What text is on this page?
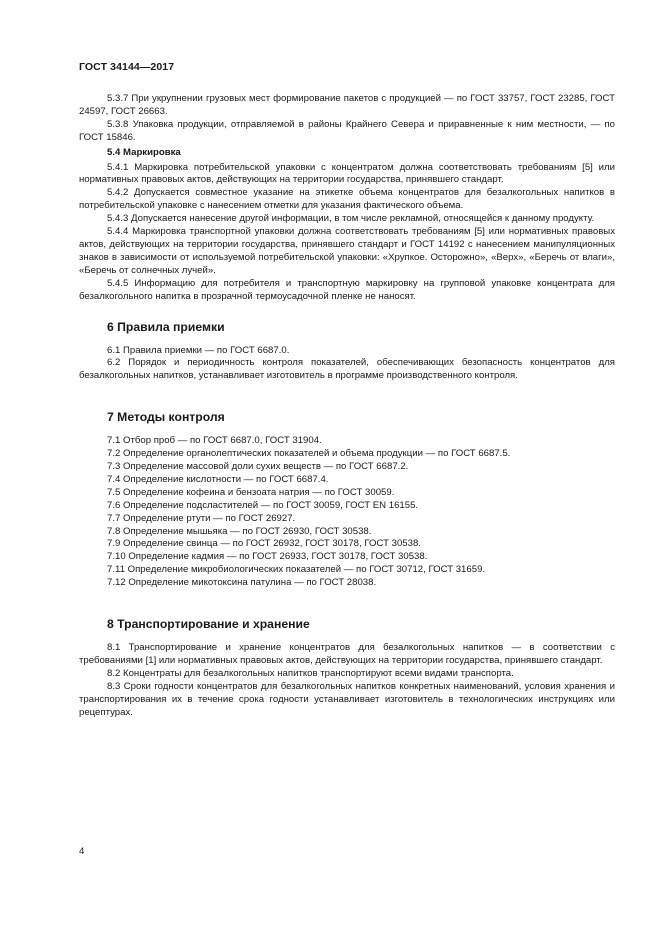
ГОСТ 34144—2017

5.3.7 При укрупнении грузовых мест формирование пакетов с продукцией — по ГОСТ 33757, ГОСТ 23285, ГОСТ 24597, ГОСТ 26663.

5.3.8 Упаковка продукции, отправляемой в районы Крайнего Севера и приравненные к ним местности, — по ГОСТ 15846.

5.4 Маркировка

5.4.1 Маркировка потребительской упаковки с концентратом должна соответствовать требованиям [5] или нормативных правовых актов, действующих на территории государства, принявшего стандарт.

5.4.2 Допускается совместное указание на этикетке объема концентратов для безалкогольных напитков в потребительской упаковке с нанесением отметки для указания фактического объема.

5.4.3 Допускается нанесение другой информации, в том числе рекламной, относящейся к данному продукту.

5.4.4 Маркировка транспортной упаковки должна соответствовать требованиям [5] или нормативных правовых актов, действующих на территории государства, принявшего стандарт и ГОСТ 14192 с нанесением манипуляционных знаков в зависимости от используемой потребительской упаковки: «Хрупкое. Осторожно», «Верх», «Беречь от влаги», «Беречь от солнечных лучей».

5.4.5 Информацию для потребителя и транспортную маркировку на групповой упаковке концентрата для безалкогольного напитка в прозрачной термоусадочной пленке не наносят.

6 Правила приемки

6.1 Правила приемки — по ГОСТ 6687.0.

6.2 Порядок и периодичность контроля показателей, обеспечивающих безопасность концентратов для безалкогольных напитков, устанавливает изготовитель в программе производственного контроля.

7 Методы контроля

7.1 Отбор проб — по ГОСТ 6687.0, ГОСТ 31904.

7.2 Определение органолептических показателей и объема продукции — по ГОСТ 6687.5.

7.3 Определение массовой доли сухих веществ — по ГОСТ 6687.2.

7.4 Определение кислотности — по ГОСТ 6687.4.

7.5 Определение кофеина и бензоата натрия — по ГОСТ 30059.

7.6 Определение подсластителей — по ГОСТ 30059, ГОСТ EN 16155.

7.7 Определение ртути — по ГОСТ 26927.

7.8 Определение мышьяка — по ГОСТ 26930, ГОСТ 30538.

7.9 Определение свинца — по ГОСТ 26932, ГОСТ 30178, ГОСТ 30538.

7.10 Определение кадмия — по ГОСТ 26933, ГОСТ 30178, ГОСТ 30538.

7.11 Определение микробиологических показателей — по ГОСТ 30712, ГОСТ 31659.

7.12 Определение микотоксина патулина — по ГОСТ 28038.

8 Транспортирование и хранение

8.1 Транспортирование и хранение концентратов для безалкогольных напитков — в соответствии с требованиями [1] или нормативных правовых актов, действующих на территории государства, принявшего стандарт.

8.2 Концентраты для безалкогольных напитков транспортируют всеми видами транспорта.

8.3 Сроки годности концентратов для безалкогольных напитков конкретных наименований, условия хранения и транспортирования их в течение срока годности устанавливает изготовитель в технологических инструкциях или рецептурах.

4
